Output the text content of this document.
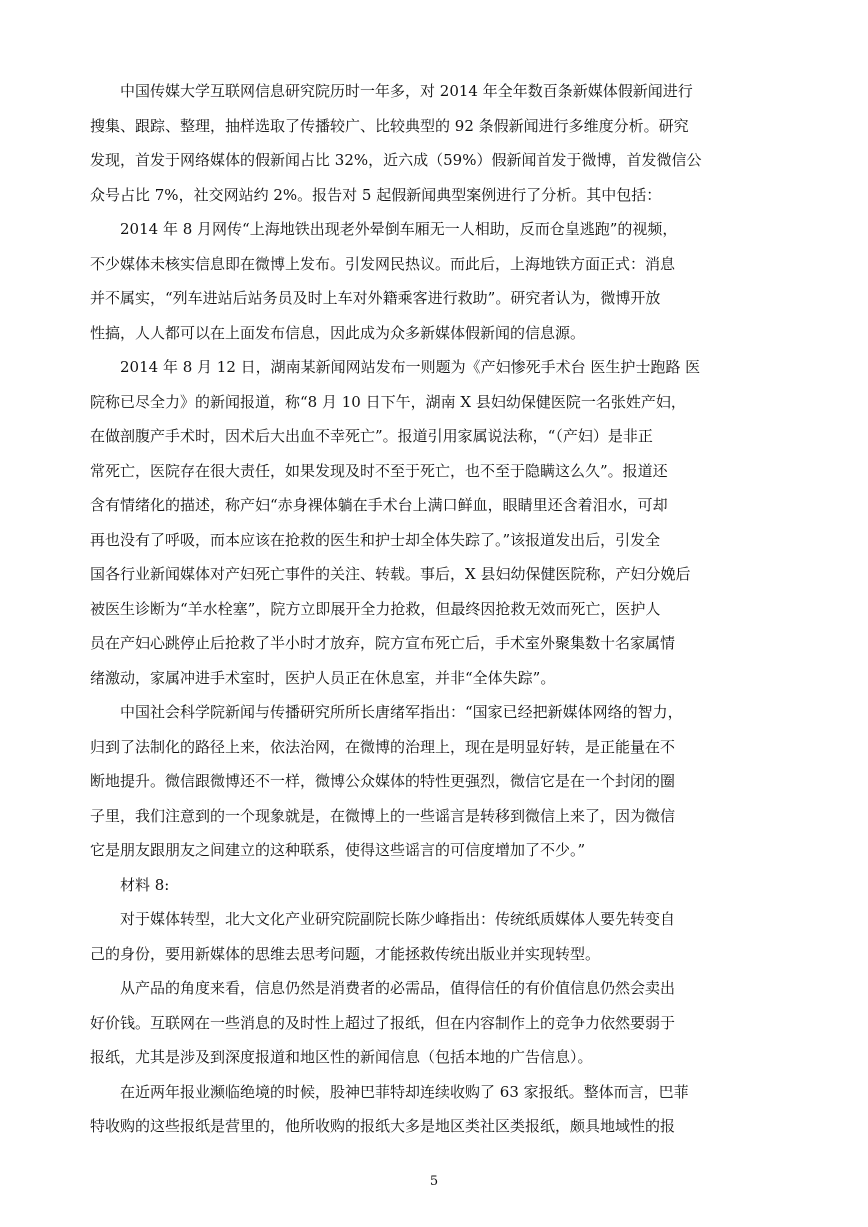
中国传媒大学互联网信息研究院历时一年多，对 2014 年全年数百条新媒体假新闻进行
搜集、跟踪、整理，抽样选取了传播较广、比较典型的 92 条假新闻进行多维度分析。研究
发现，首发于网络媒体的假新闻占比 32%，近六成（59%）假新闻首发于微博，首发微信公
众号占比 7%，社交网站约 2%。报告对 5 起假新闻典型案例进行了分析。其中包括：
2014 年 8 月网传“上海地铁出现老外晕倒车厢无一人相助，反而仓皇逃跑”的视频，
不少媒体未核实信息即在微博上发布。引发网民热议。而此后，上海地铁方面正式：消息
并不属实，“列车进站后站务员及时上车对外籍乘客进行救助”。研究者认为，微博开放
性搞，人人都可以在上面发布信息，因此成为众多新媒体假新闻的信息源。
2014 年 8 月 12 日，湖南某新闻网站发布一则题为《产妇惨死手术台 医生护士跑路 医
院称已尽全力》的新闻报道，称“8 月 10 日下午，湖南 X 县妇幼保健医院一名张姓产妇，
在做剖腹产手术时，因术后大出血不幸死亡”。报道引用家属说法称，“（产妇）是非正
常死亡，医院存在很大责任，如果发现及时不至于死亡，也不至于隐瞒这么久”。报道还
含有情绪化的描述，称产妇“赤身裸体躺在手术台上满口鲜血，眼睛里还含着泪水，可却
再也没有了呼吸，而本应该在抢救的医生和护士却全体失踪了。”该报道发出后，引发全
国各行业新闻媒体对产妇死亡事件的关注、转载。事后，X 县妇幼保健医院称，产妇分娩后
被医生诊断为“羊水栓塞”，院方立即展开全力抢救，但最终因抢救无效而死亡，医护人
员在产妇心跳停止后抢救了半小时才放弃，院方宣布死亡后，手术室外聚集数十名家属情
绪激动，家属冲进手术室时，医护人员正在休息室，并非“全体失踪”。
中国社会科学院新闻与传播研究所所长唐绪军指出：“国家已经把新媒体网络的智力，
归到了法制化的路径上来，依法治网，在微博的治理上，现在是明显好转，是正能量在不
断地提升。微信跟微博还不一样，微博公众媒体的特性更强烈，微信它是在一个封闭的圈
子里，我们注意到的一个现象就是，在微博上的一些谣言是转移到微信上来了，因为微信
它是朋友跟朋友之间建立的这种联系，使得这些谣言的可信度增加了不少。”
材料 8:
对于媒体转型，北大文化产业研究院副院长陈少峰指出：传统纸质媒体人要先转变自
己的身份，要用新媒体的思维去思考问题，才能拯救传统出版业并实现转型。
从产品的角度来看，信息仍然是消费者的必需品，值得信任的有价值信息仍然会卖出
好价钱。互联网在一些消息的及时性上超过了报纸，但在内容制作上的竞争力依然要弱于
报纸，尤其是涉及到深度报道和地区性的新闻信息（包括本地的广告信息）。
在近两年报业濒临绝境的时候，股神巴菲特却连续收购了 63 家报纸。整体而言，巴菲
特收购的这些报纸是营里的，他所收购的报纸大多是地区类社区类报纸，颇具地域性的报
5
